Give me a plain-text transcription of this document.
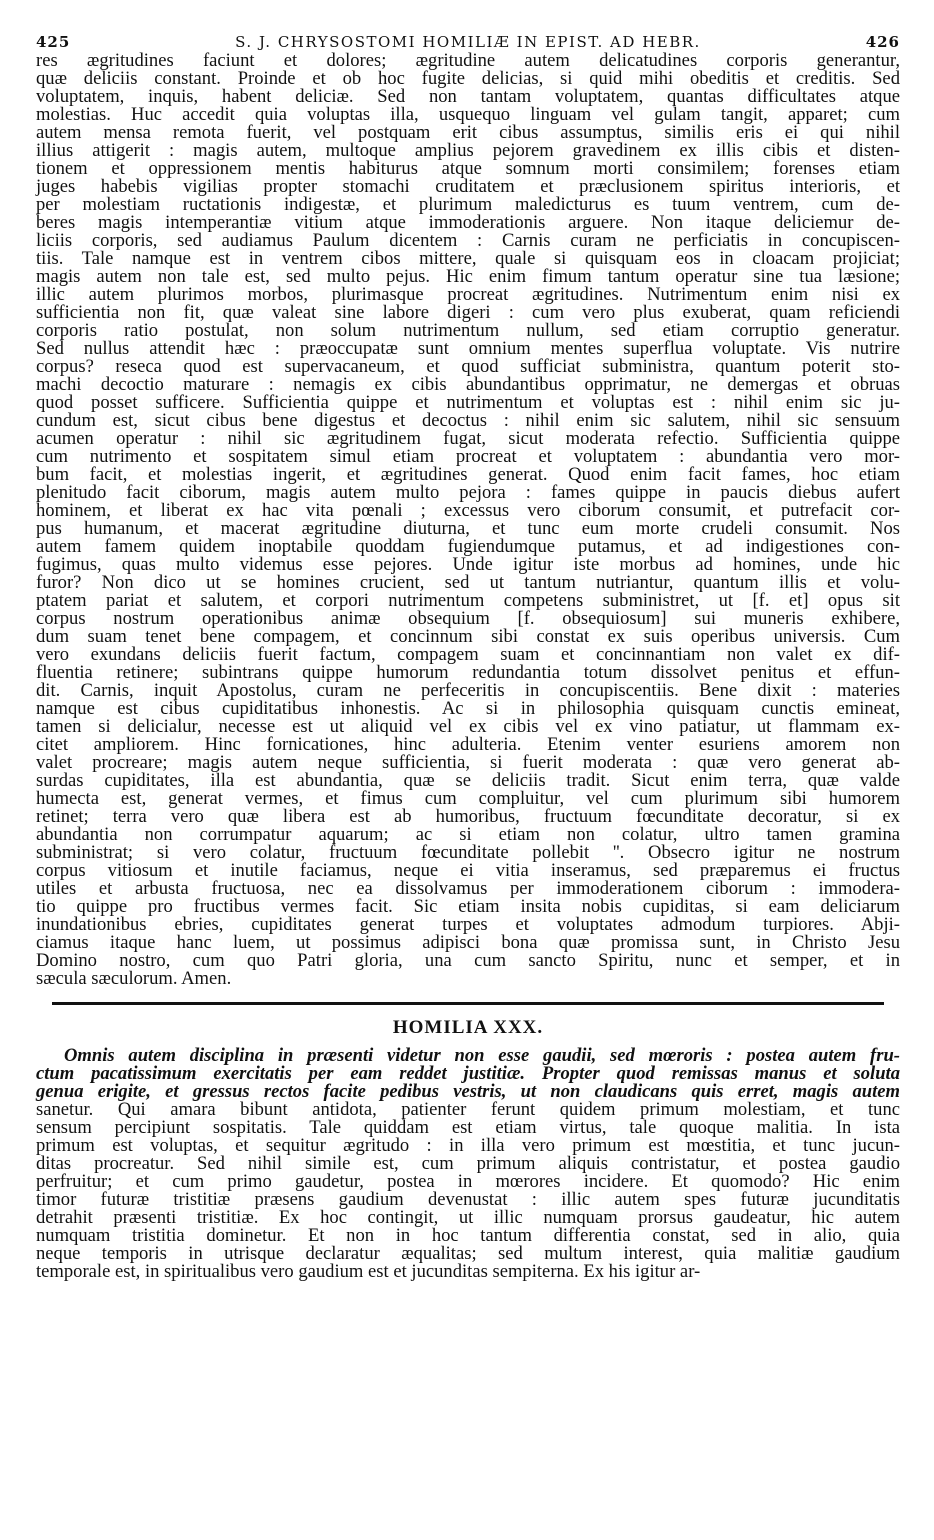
425	S. J. CHRYSOSTOMI HOMILIÆ IN EPIST. AD HEBR.	426
res ægritudines faciunt et dolores; ægritudine autem delicatudines corporis generantur,
quæ deliciis constant. Proinde et ob hoc fugite delicias, si quid mihi obeditis et creditis. Sed
voluptatem, inquis, habent deliciæ. Sed non tantam voluptatem, quantas difficultates atque
molestias. Huc accedit quia voluptas illa, usquequo linguam vel gulam tangit, apparet; cum
autem mensa remota fuerit, vel postquam erit cibus assumptus, similis eris ei qui nihil
illius attigerit : magis autem, multoque amplius pejorem gravedinem ex illis cibis et disten-
tionem et oppressionem mentis habiturus atque somnum morti consimilem; forenses etiam
juges habebis vigilias propter stomachi cruditatem et præclusionem spiritus interioris, et
per molestiam ructationis indigestæ, et plurimum maledicturus es tuum ventrem, cum de-
beres magis intemperantiæ vitium atque immoderationis arguere. Non itaque deliciemur de-
liciis corporis, sed audiamus Paulum dicentem : Carnis curam ne perficiatis in concupiscen-
tiis. Tale namque est in ventrem cibos mittere, quale si quisquam eos in cloacam projiciat;
magis autem non tale est, sed multo pejus. Hic enim fimum tantum operatur sine tua læsione;
illic autem plurimos morbos, plurimasque procreat ægritudines. Nutrimentum enim nisi ex
sufficientia non fit, quæ valeat sine labore digeri : cum vero plus exuberat, quam reficiendi
corporis ratio postulat, non solum nutrimentum nullum, sed etiam corruptio generatur.
Sed nullus attendit hæc : præoccupatæ sunt omnium mentes superflua voluptate. Vis nutrire
corpus? reseca quod est supervacaneum, et quod sufficiat subministra, quantum poterit sto-
machi decoctio maturare : nemagis ex cibis abundantibus opprimatur, ne demergas et obruas
quod posset sufficere. Sufficientia quippe et nutrimentum et voluptas est : nihil enim sic ju-
cundum est, sicut cibus bene digestus et decoctus : nihil enim sic salutem, nihil sic sensuum
acumen operatur : nihil sic ægritudinem fugat, sicut moderata refectio. Sufficientia quippe
cum nutrimento et sospitatem simul etiam procreat et voluptatem : abundantia vero mor-
bum facit, et molestias ingerit, et ægritudines generat. Quod enim facit fames, hoc etiam
plenitudo facit ciborum, magis autem multo pejora : fames quippe in paucis diebus aufert
hominem, et liberat ex hac vita pœnali ; excessus vero ciborum consumit, et putrefacit cor-
pus humanum, et macerat ægritudine diuturna, et tunc eum morte crudeli consumit. Nos
autem famem quidem inoptabile quoddam fugiendumque putamus, et ad indigestiones con-
fugimus, quas multo videmus esse pejores. Unde igitur iste morbus ad homines, unde hic
furor? Non dico ut se homines crucient, sed ut tantum nutriantur, quantum illis et volu-
ptatem pariat et salutem, et corpori nutrimentum competens subministret, ut [f. et] opus sit
corpus nostrum operationibus animæ obsequium [f. obsequiosum] sui muneris exhibere,
dum suam tenet bene compagem, et concinnum sibi constat ex suis operibus universis. Cum
vero exundans deliciis fuerit factum, compagem suam et concinnantiam non valet ex dif-
fluentia retinere; subintrans quippe humorum redundantia totum dissolvet penitus et effun-
dit. Carnis, inquit Apostolus, curam ne perfeceritis in concupiscentiis. Bene dixit : materies
namque est cibus cupiditatibus inhonestis. Ac si in philosophia quisquam cunctis emineat,
tamen si delicialur, necesse est ut aliquid vel ex cibis vel ex vino patiatur, ut flammam ex-
citet ampliorem. Hinc fornicationes, hinc adulteria. Etenim venter esuriens amorem non
valet procreare; magis autem neque sufficientia, si fuerit moderata : quæ vero generat ab-
surdas cupiditates, illa est abundantia, quæ se deliciis tradit. Sicut enim terra, quæ valde
humecta est, generat vermes, et fimus cum compluitur, vel cum plurimum sibi humorem
retinet; terra vero quæ libera est ab humoribus, fructuum fœcunditate decoratur, si ex
abundantia non corrumpatur aquarum; ac si etiam non colatur, ultro tamen gramina
subministrat; si vero colatur, fructuum fœcunditate pollebit ''. Obsecro igitur ne nostrum
corpus vitiosum et inutile faciamus, neque ei vitia inseramus, sed præparemus ei fructus
utiles et arbusta fructuosa, nec ea dissolvamus per immoderationem ciborum : immodera-
tio quippe pro fructibus vermes facit. Sic etiam insita nobis cupiditas, si eam deliciarum
inundationibus ebries, cupiditates generat turpes et voluptates admodum turpiores. Abji-
ciamus itaque hanc luem, ut possimus adipisci bona quæ promissa sunt, in Christo Jesu
Domino nostro, cum quo Patri gloria, una cum sancto Spiritu, nunc et semper, et in
sæcula sæculorum. Amen.
HOMILIA XXX.
Omnis autem disciplina in præsenti videtur non esse gaudii, sed mœroris : postea autem fru-
ctum pacatissimum exercitatis per eam reddet justitiæ. Propter quod remissas manus et soluta
genua erigite, et gressus rectos facite pedibus vestris, ut non claudicans quis erret, magis autem
sanetur. Qui amara bibunt antidota, patienter ferunt quidem primum molestiam, et tunc
sensum percipiunt sospitatis. Tale quiddam est etiam virtus, tale quoque malitia. In ista
primum est voluptas, et sequitur ægritudo : in illa vero primum est mœstitia, et tunc jucun-
ditas procreatur. Sed nihil simile est, cum primum aliquis contristatur, et postea gaudio
perfruitur; et cum primo gaudetur, postea in mœrores incidere. Et quomodo? Hic enim
timor futuræ tristitiæ præsens gaudium devenustat : illic autem spes futuræ jucunditatis
detrahit præsenti tristitiæ. Ex hoc contingit, ut illic numquam prorsus gaudeatur, hic autem
numquam tristitia dominetur. Et non in hoc tantum differentia constat, sed in alio, quia
neque temporis in utrisque declaratur æqualitas; sed multum interest, quia malitiæ gaudium
temporale est, in spiritualibus vero gaudium est et jucunditas sempiterna. Ex his igitur ar-
